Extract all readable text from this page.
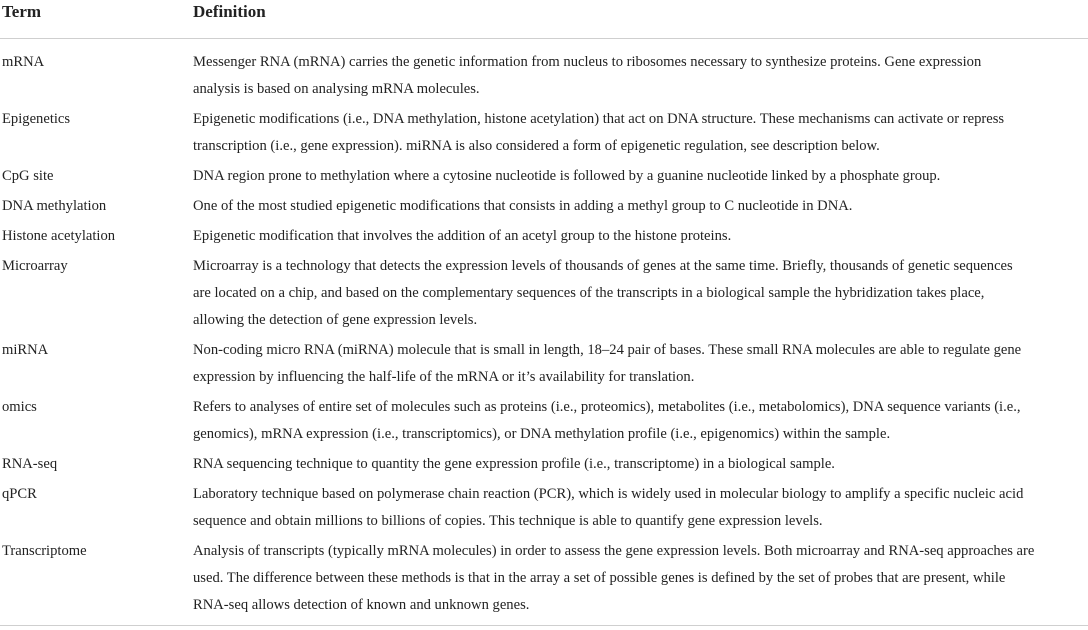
Term	Definition
mRNA	Messenger RNA (mRNA) carries the genetic information from nucleus to ribosomes necessary to synthesize proteins. Gene expression
analysis is based on analysing mRNA molecules.
Epigenetics	Epigenetic modifications (i.e., DNA methylation, histone acetylation) that act on DNA structure. These mechanisms can activate or repress
transcription (i.e., gene expression). miRNA is also considered a form of epigenetic regulation, see description below.
CpG site	DNA region prone to methylation where a cytosine nucleotide is followed by a guanine nucleotide linked by a phosphate group.
DNA methylation	One of the most studied epigenetic modifications that consists in adding a methyl group to C nucleotide in DNA.
Histone acetylation	Epigenetic modification that involves the addition of an acetyl group to the histone proteins.
Microarray	Microarray is a technology that detects the expression levels of thousands of genes at the same time. Briefly, thousands of genetic sequences
are located on a chip, and based on the complementary sequences of the transcripts in a biological sample the hybridization takes place,
allowing the detection of gene expression levels.
miRNA	Non-coding micro RNA (miRNA) molecule that is small in length, 18–24 pair of bases. These small RNA molecules are able to regulate gene
expression by influencing the half-life of the mRNA or it’s availability for translation.
omics	Refers to analyses of entire set of molecules such as proteins (i.e., proteomics), metabolites (i.e., metabolomics), DNA sequence variants (i.e.,
genomics), mRNA expression (i.e., transcriptomics), or DNA methylation profile (i.e., epigenomics) within the sample.
RNA-seq	RNA sequencing technique to quantity the gene expression profile (i.e., transcriptome) in a biological sample.
qPCR	Laboratory technique based on polymerase chain reaction (PCR), which is widely used in molecular biology to amplify a specific nucleic acid
sequence and obtain millions to billions of copies. This technique is able to quantify gene expression levels.
Transcriptome	Analysis of transcripts (typically mRNA molecules) in order to assess the gene expression levels. Both microarray and RNA-seq approaches are
used. The difference between these methods is that in the array a set of possible genes is defined by the set of probes that are present, while
RNA-seq allows detection of known and unknown genes.
